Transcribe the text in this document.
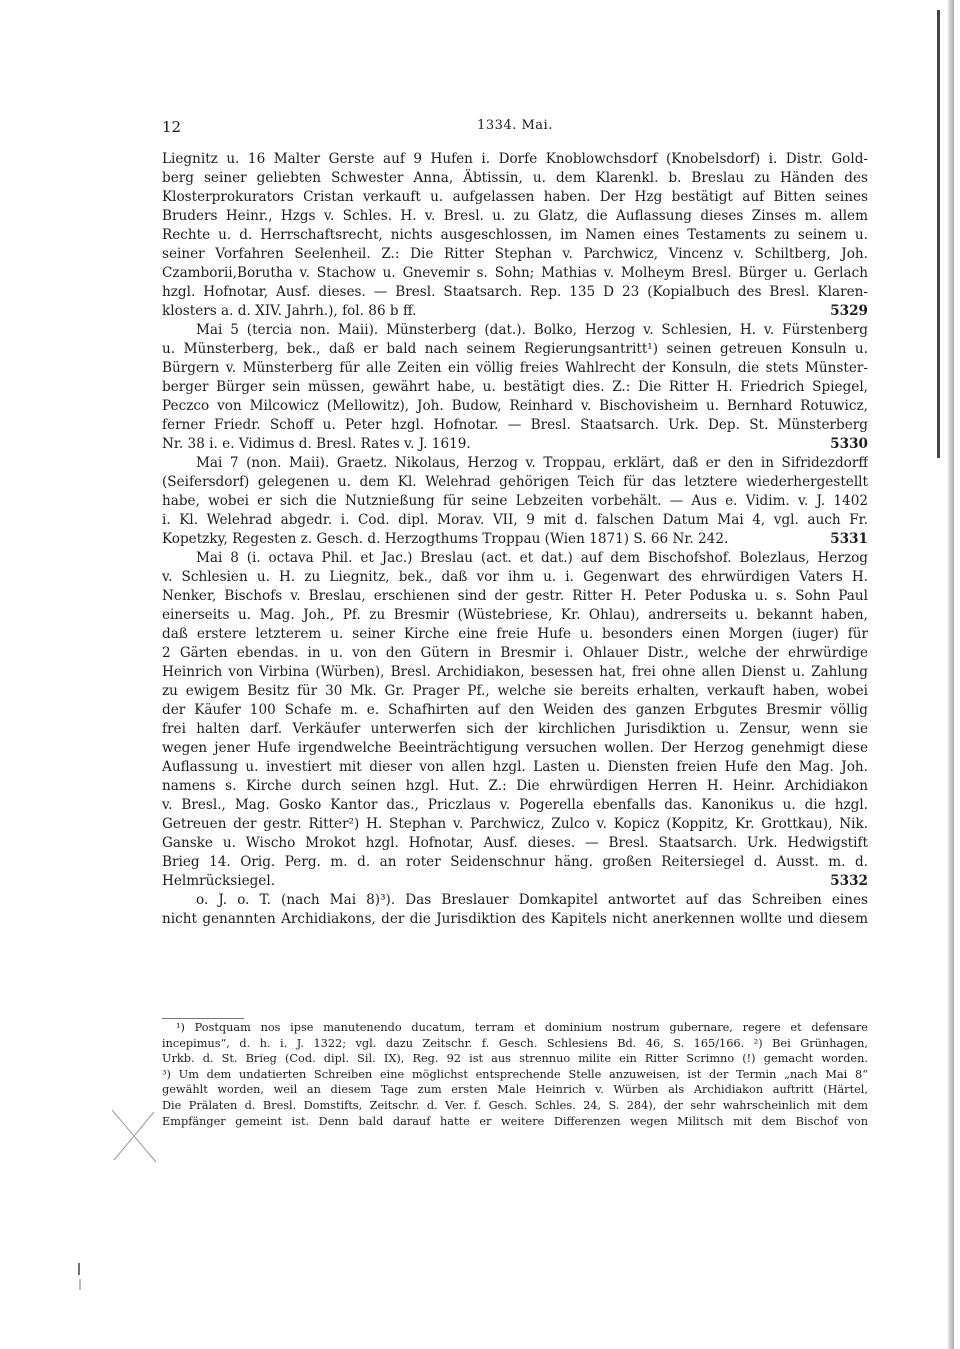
12	1334. Mai.
Liegnitz u. 16 Malter Gerste auf 9 Hufen i. Dorfe Knoblowchsdorf (Knobelsdorf) i. Distr. Gold-
berg seiner geliebten Schwester Anna, Äbtissin, u. dem Klarenkl. b. Breslau zu Händen des
Klosterprokurators Cristan verkauft u. aufgelassen haben. Der Hzg bestätigt auf Bitten seines
Bruders Heinr., Hzgs v. Schles. H. v. Bresl. u. zu Glatz, die Auflassung dieses Zinses m. allem
Rechte u. d. Herrschaftsrecht, nichts ausgeschlossen, im Namen eines Testaments zu seinem u.
seiner Vorfahren Seelenheil. Z.: Die Ritter Stephan v. Parchwicz, Vincenz v. Schiltberg, Joh.
Czamborii,Borutha v. Stachow u. Gnevemir s. Sohn; Mathias v. Molheym Bresl. Bürger u. Gerlach
hzgl. Hofnotar, Ausf. dieses. — Bresl. Staatsarch. Rep. 135 D 23 (Kopialbuch des Bresl. Klaren-
klosters a. d. XIV. Jahrh.), fol. 86 b ff.	5329
Mai 5 (tercia non. Maii). Münsterberg (dat.). Bolko, Herzog v. Schlesien, H. v. Fürstenberg
u. Münsterberg, bek., daß er bald nach seinem Regierungsantritt¹) seinen getreuen Konsuln u.
Bürgern v. Münsterberg für alle Zeiten ein völlig freies Wahlrecht der Konsuln, die stets Münster-
berger Bürger sein müssen, gewährt habe, u. bestätigt dies. Z.: Die Ritter H. Friedrich Spiegel,
Peczco von Milcowicz (Mellowitz), Joh. Budow, Reinhard v. Bischovisheim u. Bernhard Rotuwicz,
ferner Friedr. Schoff u. Peter hzgl. Hofnotar. — Bresl. Staatsarch. Urk. Dep. St. Münsterberg
Nr. 38 i. e. Vidimus d. Bresl. Rates v. J. 1619.	5330
Mai 7 (non. Maii). Graetz. Nikolaus, Herzog v. Troppau, erklärt, daß er den in Sifridezdorff
(Seifersdorf) gelegenen u. dem Kl. Welehrad gehörigen Teich für das letztere wiederhergestellt
habe, wobei er sich die Nutznießung für seine Lebzeiten vorbehält. — Aus e. Vidim. v. J. 1402
i. Kl. Welehrad abgedr. i. Cod. dipl. Morav. VII, 9 mit d. falschen Datum Mai 4, vgl. auch Fr.
Kopetzky, Regesten z. Gesch. d. Herzogthums Troppau (Wien 1871) S. 66 Nr. 242.	5331
Mai 8 (i. octava Phil. et Jac.) Breslau (act. et dat.) auf dem Bischofshof. Bolezlaus, Herzog
v. Schlesien u. H. zu Liegnitz, bek., daß vor ihm u. i. Gegenwart des ehrwürdigen Vaters H.
Nenker, Bischofs v. Breslau, erschienen sind der gestr. Ritter H. Peter Poduska u. s. Sohn Paul
einerseits u. Mag. Joh., Pf. zu Bresmir (Wüstebriese, Kr. Ohlau), andrerseits u. bekannt haben,
daß erstere letzterem u. seiner Kirche eine freie Hufe u. besonders einen Morgen (iuger) für
2 Gärten ebendas. in u. von den Gütern in Bresmir i. Ohlauer Distr., welche der ehrwürdige
Heinrich von Virbina (Würben), Bresl. Archidiakon, besessen hat, frei ohne allen Dienst u. Zahlung
zu ewigem Besitz für 30 Mk. Gr. Prager Pf., welche sie bereits erhalten, verkauft haben, wobei
der Käufer 100 Schafe m. e. Schafhirten auf den Weiden des ganzen Erbgutes Bresmir völlig
frei halten darf. Verkäufer unterwerfen sich der kirchlichen Jurisdiktion u. Zensur, wenn sie
wegen jener Hufe irgendwelche Beeinträchtigung versuchen wollen. Der Herzog genehmigt diese
Auflassung u. investiert mit dieser von allen hzgl. Lasten u. Diensten freien Hufe den Mag. Joh.
namens s. Kirche durch seinen hzgl. Hut. Z.: Die ehrwürdigen Herren H. Heinr. Archidiakon
v. Bresl., Mag. Gosko Kantor das., Priczlaus v. Pogerella ebenfalls das. Kanonikus u. die hzgl.
Getreuen der gestr. Ritter²) H. Stephan v. Parchwicz, Zulco v. Kopicz (Koppitz, Kr. Grottkau), Nik.
Ganske u. Wischo Mrokot hzgl. Hofnotar, Ausf. dieses. — Bresl. Staatsarch. Urk. Hedwigstift
Brieg 14. Orig. Perg. m. d. an roter Seidenschnur häng. großen Reitersiegel d. Ausst. m. d.
Helmrücksiegel.	5332
o. J. o. T. (nach Mai 8)³). Das Breslauer Domkapitel antwortet auf das Schreiben eines
nicht genannten Archidiakons, der die Jurisdiktion des Kapitels nicht anerkennen wollte und diesem
¹) Postquam nos ipse manutenendo ducatum, terram et dominium nostrum gubernare, regere et defensare
incepimus“, d. h. i. J. 1322; vgl. dazu Zeitschr. f. Gesch. Schlesiens Bd. 46, S. 165/166. ²) Bei Grünhagen,
Urkb. d. St. Brieg (Cod. dipl. Sil. IX), Reg. 92 ist aus strennuo milite ein Ritter Scrimno (!) gemacht worden.
³) Um dem undatierten Schreiben eine möglichst entsprechende Stelle anzuweisen, ist der Termin „nach Mai 8“
gewählt worden, weil an diesem Tage zum ersten Male Heinrich v. Würben als Archidiakon auftritt (Härtel,
Die Prälaten d. Bresl. Domstifts, Zeitschr. d. Ver. f. Gesch. Schles. 24, S. 284), der sehr wahrscheinlich mit dem
Empfänger gemeint ist. Denn bald darauf hatte er weitere Differenzen wegen Militsch mit dem Bischof von
